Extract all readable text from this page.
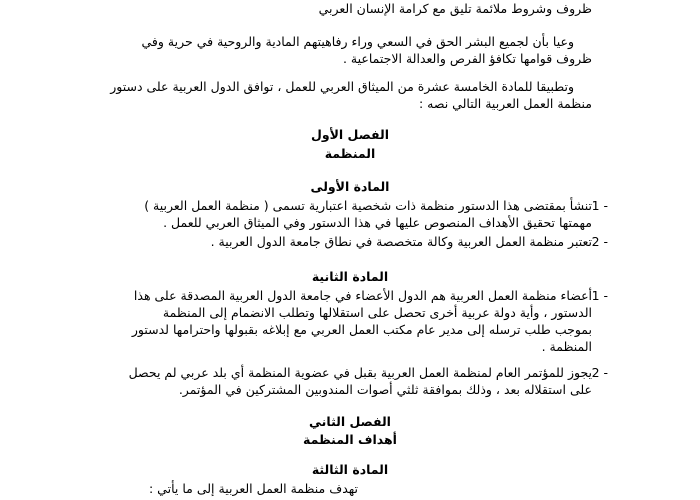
ظروف وشروط ملائمة تليق مع كرامة الإنسان العربي
وعيا بأن لجميع البشر الحق في السعي وراء رفاهيتهم المادية والروحية في حرية وفي
ظروف قوامها تكافؤ الفرص والعدالة الاجتماعية .
وتطبيقا للمادة الخامسة عشرة من الميثاق العربي للعمل ، توافق الدول العربية على دستور
منظمة العمل العربية التالي نصه :
الفصل الأول
المنظمة
المادة الأولى
1 -
تنشأ بمقتضى هذا الدستور منظمة ذات شخصية اعتبارية تسمى ( منظمة العمل العربية )
مهمتها تحقيق الأهداف المنصوص عليها في هذا الدستور وفي الميثاق العربي للعمل .
2 -
تعتبر منظمة العمل العربية وكالة متخصصة في نطاق جامعة الدول العربية .
المادة الثانية
1 -
أعضاء منظمة العمل العربية هم الدول الأعضاء في جامعة الدول العربية المصدقة على هذا
الدستور ، وأية دولة عربية أخرى تحصل على استقلالها وتطلب الانضمام إلى المنظمة
بموجب طلب ترسله إلى مدير عام مكتب العمل العربي مع إبلاغه بقبولها واحترامها لدستور
المنظمة .
2 -
يجوز للمؤتمر العام لمنظمة العمل العربية بقبل في عضوية المنظمة أي بلد عربي لم يحصل
على استقلاله بعد ، وذلك بموافقة ثلثي أصوات المندوبين المشتركين في المؤتمر.
الفصل الثاني
أهداف المنظمة
المادة الثالثة
تهدف منظمة العمل العربية إلى ما يأتي :
